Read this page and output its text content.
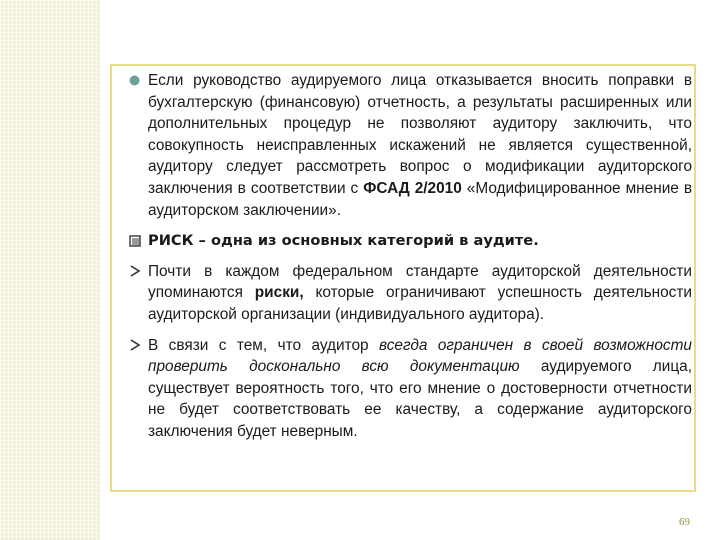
Если руководство аудируемого лица отказывается вносить поправки в бухгалтерскую (финансовую) отчетность, а результаты расширенных или дополнительных процедур не позволяют аудитору заключить, что совокупность неисправленных искажений не является существенной, аудитору следует рассмотреть вопрос о модификации аудиторского заключения в соответствии с ФСАД 2/2010 «Модифицированное мнение в аудиторском заключении».

РИСК – одна из основных категорий в аудите.

Почти в каждом федеральном стандарте аудиторской деятельности упоминаются риски, которые ограничивают успешность деятельности аудиторской организации (индивидуального аудитора).

В связи с тем, что аудитор всегда ограничен в своей возможности проверить досконально всю документацию аудируемого лица, существует вероятность того, что его мнение о достоверности отчетности не будет соответствовать ее качеству, а содержание аудиторского заключения будет неверным.

69
